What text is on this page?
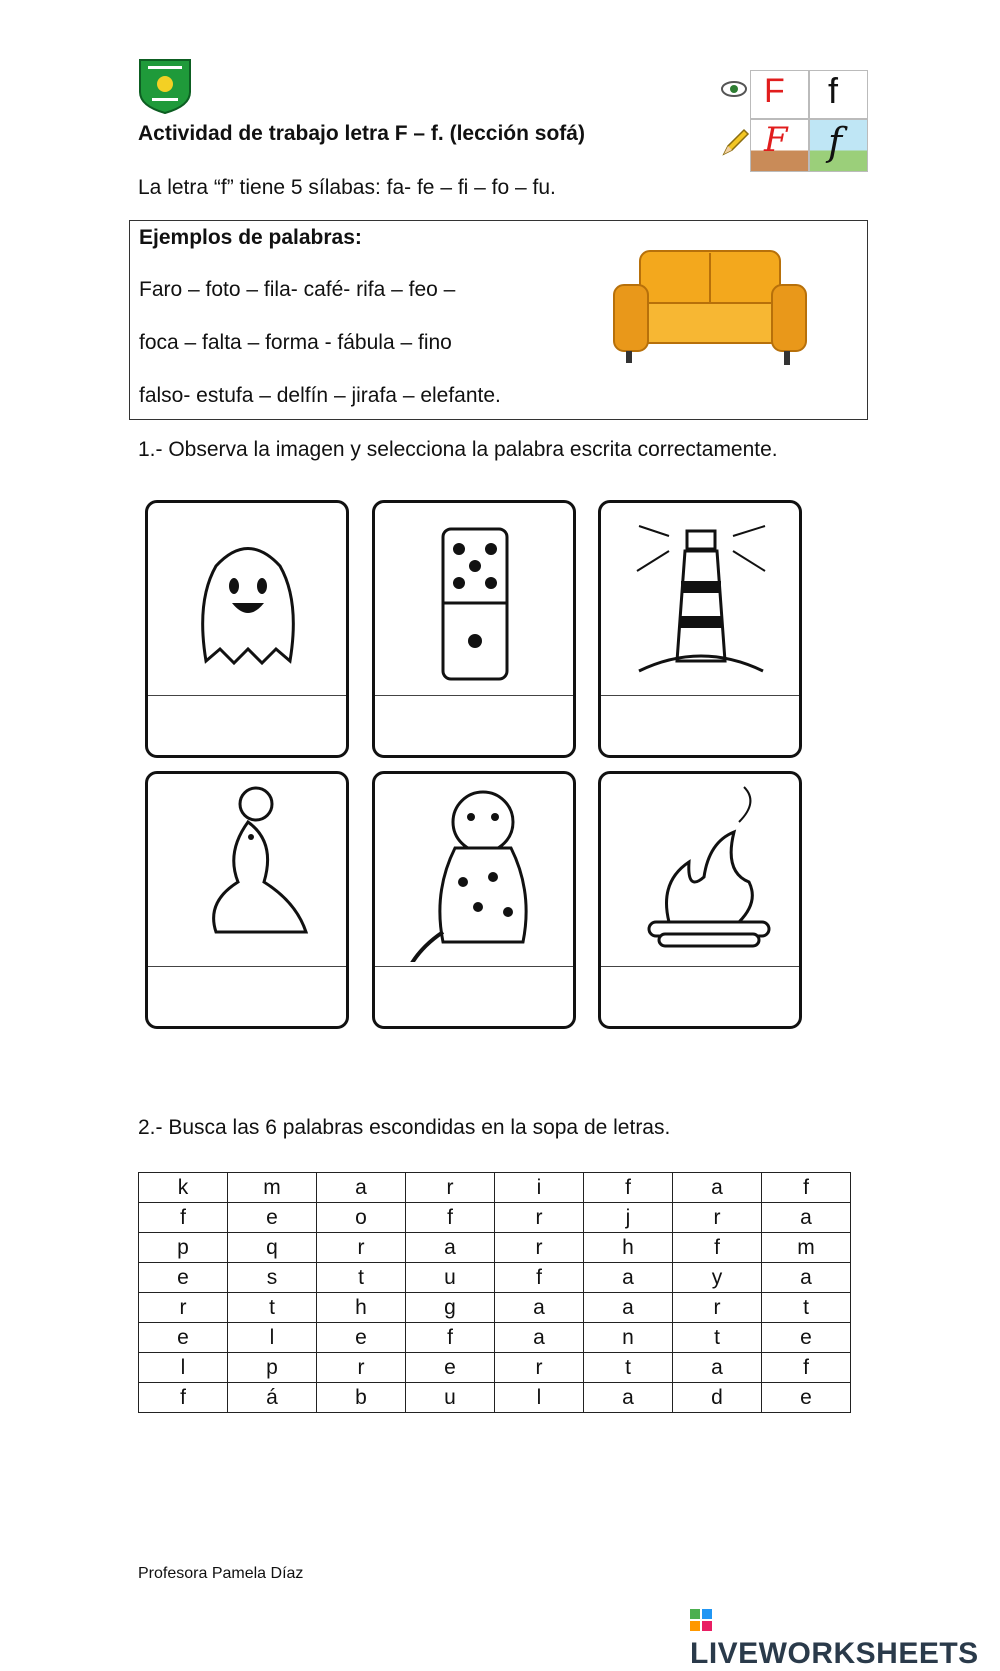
Actividad de trabajo letra F – f. (lección sofá)
F f
F f
La letra “f” tiene 5 sílabas: fa- fe – fi – fo – fu.
Ejemplos de palabras:
Faro – foto – fila- café- rifa – feo –
foca – falta – forma - fábula – fino
falso- estufa – delfín – jirafa – elefante.
1.- Observa la imagen y selecciona la palabra escrita correctamente.
2.- Busca las 6 palabras escondidas en la sopa de letras.
k	m	a	r	i	f	a	f
f	e	o	f	r	j	r	a
p	q	r	a	r	h	f	m
e	s	t	u	f	a	y	a
r	t	h	g	a	a	r	t
e	l	e	f	a	n	t	e
l	p	r	e	r	t	a	f
f	á	b	u	l	a	d	e
Profesora Pamela Díaz
LIVEWORKSHEETS
